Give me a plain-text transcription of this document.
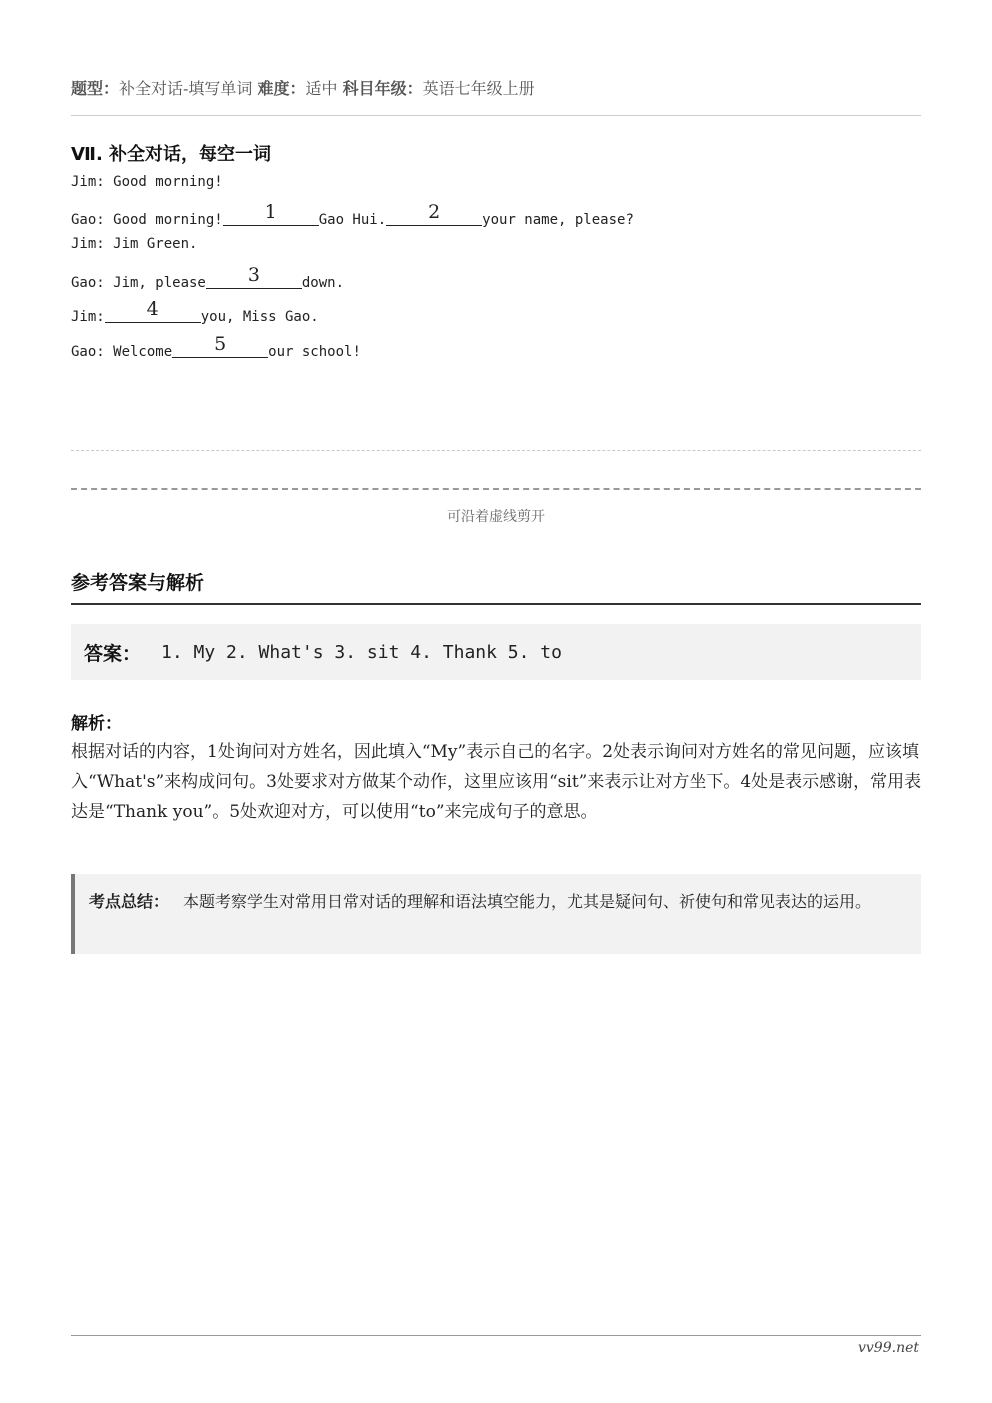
题型：补全对话-填写单词 难度：适中 科目年级：英语七年级上册
Ⅶ. 补全对话，每空一词
Jim: Good morning!
Gao: Good morning! 1	Gao Hui. 2	your name, please?
Jim: Jim Green.
Gao: Jim, please 3	down.
Jim: 4	you, Miss Gao.
Gao: Welcome 5	our school!
可沿着虚线剪开
参考答案与解析
答案： 1. My 2. What's 3. sit 4. Thank 5. to
解析：
根据对话的内容，1处询问对方姓名，因此填入“My”表示自己的名字。2处表示询问对方姓名的常见问题，应该填入“What's”来构成问句。3处要求对方做某个动作，这里应该用“sit”来表示让对方坐下。4处是表示感谢，常用表达是“Thank you”。5处欢迎对方，可以使用“to”来完成句子的意思。
考点总结： 本题考察学生对常用日常对话的理解和语法填空能力，尤其是疑问句、祈使句和常见表达的运用。
vv99.net
